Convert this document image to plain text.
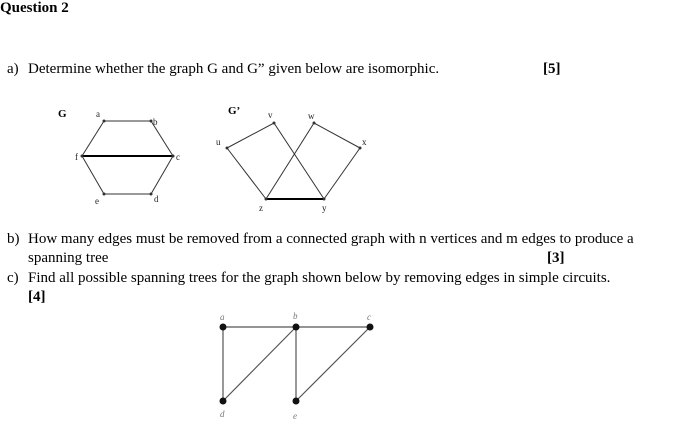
Question 2
a) Determine whether the graph G and G” given below are isomorphic.	[5]
G	a
b
c
d
e
f
G’
u
v	w
x
y
z
b) How many edges must be removed from a connected graph with n vertices and m edges to produce a
spanning tree	[3]
c) Find all possible spanning trees for the graph shown below by removing edges in simple circuits.
[4]
a	b	c
d	e
